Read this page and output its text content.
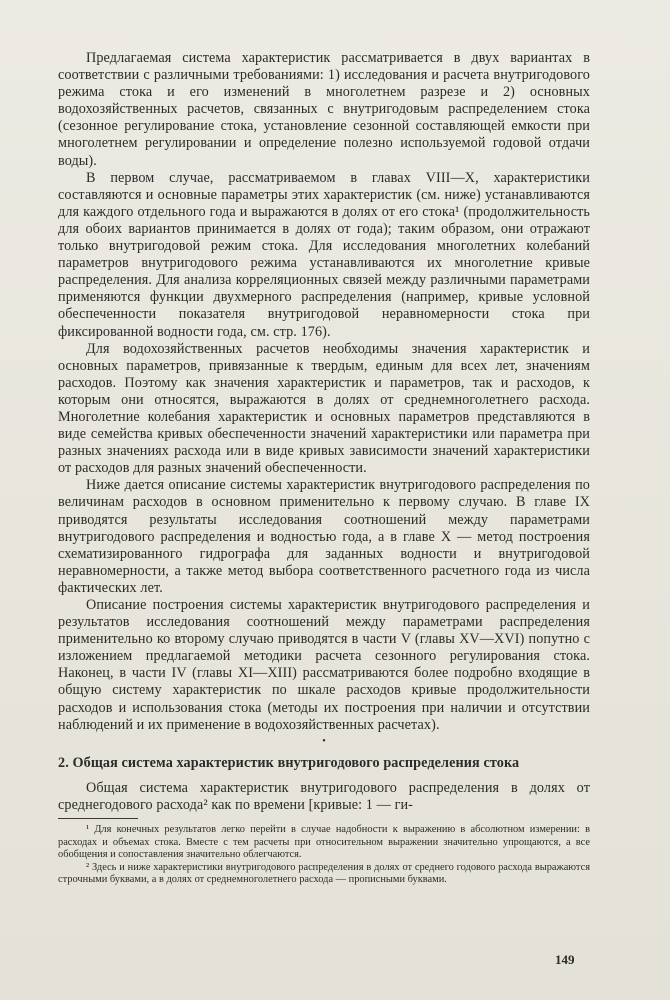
Предлагаемая система характеристик рассматривается в двух вариантах в соответствии с различными требованиями: 1) исследования и расчета внутригодового режима стока и его изменений в многолетнем разрезе и 2) основных водохозяйственных расчетов, связанных с внутригодовым распределением стока (сезонное регулирование стока, установление сезонной составляющей емкости при многолетнем регулировании и определение полезно используемой годовой отдачи воды).

В первом случае, рассматриваемом в главах VIII—X, характеристики составляются и основные параметры этих характеристик (см. ниже) устанавливаются для каждого отдельного года и выражаются в долях от его стока¹ (продолжительность для обоих вариантов принимается в долях от года); таким образом, они отражают только внутригодовой режим стока. Для исследования многолетних колебаний параметров внутригодового режима устанавливаются их многолетние кривые распределения. Для анализа корреляционных связей между различными параметрами применяются функции двухмерного распределения (например, кривые условной обеспеченности показателя внутригодовой неравномерности стока при фиксированной водности года, см. стр. 176).

Для водохозяйственных расчетов необходимы значения характеристик и основных параметров, привязанные к твердым, единым для всех лет, значениям расходов. Поэтому как значения характеристик и параметров, так и расходов, к которым они относятся, выражаются в долях от среднемноголетнего расхода. Многолетние колебания характеристик и основных параметров представляются в виде семейства кривых обеспеченности значений характеристики или параметра при разных значениях расхода или в виде кривых зависимости значений характеристики от расходов для разных значений обеспеченности.

Ниже дается описание системы характеристик внутригодового распределения по величинам расходов в основном применительно к первому случаю. В главе IX приводятся результаты исследования соотношений между параметрами внутригодового распределения и водностью года, а в главе X — метод построения схематизированного гидрографа для заданных водности и внутригодовой неравномерности, а также метод выбора соответственного расчетного года из числа фактических лет.

Описание построения системы характеристик внутригодового распределения и результатов исследования соотношений между параметрами распределения применительно ко второму случаю приводятся в части V (главы XV—XVI) попутно с изложением предлагаемой методики расчета сезонного регулирования стока. Наконец, в части IV (главы XI—XIII) рассматриваются более подробно входящие в общую систему характеристик по шкале расходов кривые продолжительности расходов и использования стока (методы их построения при наличии и отсутствии наблюдений и их применение в водохозяйственных расчетах).

•
2. Общая система характеристик внутригодового распределения стока

Общая система характеристик внутригодового распределения в долях от среднегодового расхода² как по времени [кривые: 1 — ги-

¹ Для конечных результатов легко перейти в случае надобности к выражению в абсолютном измерении: в расходах и объемах стока. Вместе с тем расчеты при относительном выражении значительно упрощаются, а все обобщения и сопоставления значительно облегчаются.

² Здесь и ниже характеристики внутригодового распределения в долях от среднего годового расхода выражаются строчными буквами, а в долях от среднемноголетнего расхода — прописными буквами.

149
